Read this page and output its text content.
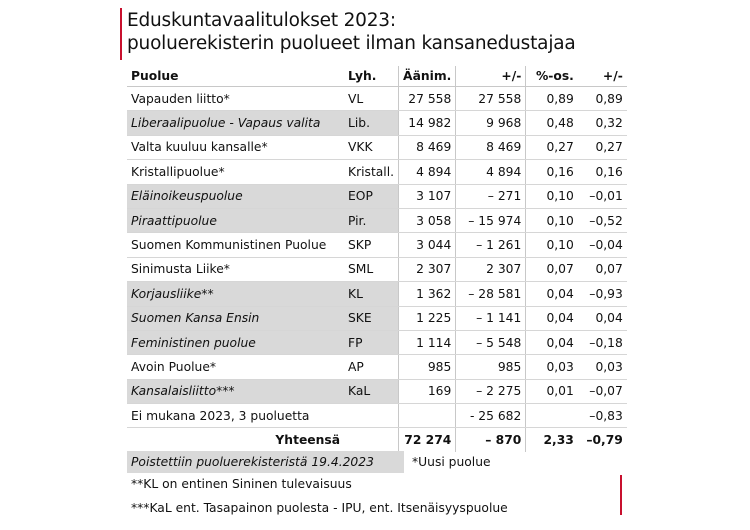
Eduskuntavaalitulokset 2023:
puoluerekisterin puolueet ilman kansanedustajaa
Puolue	Lyh.	Äänim.	+/-	%-os.	+/-
Vapauden liitto*	VL	27 558	27 558	0,89	0,89
Liberaalipuolue - Vapaus valita	Lib.	14 982	9 968	0,48	0,32
Valta kuuluu kansalle*	VKK	8 469	8 469	0,27	0,27
Kristallipuolue*	Kristall.	4 894	4 894	0,16	0,16
Eläinoikeuspuolue	EOP	3 107	– 271	0,10	–0,01
Piraattipuolue	Pir.	3 058	– 15 974	0,10	–0,52
Suomen Kommunistinen Puolue	SKP	3 044	– 1 261	0,10	–0,04
Sinimusta Liike*	SML	2 307	2 307	0,07	0,07
Korjausliike**	KL	1 362	– 28 581	0,04	–0,93
Suomen Kansa Ensin	SKE	1 225	– 1 141	0,04	0,04
Feministinen puolue	FP	1 114	– 5 548	0,04	–0,18
Avoin Puolue*	AP	985	985	0,03	0,03
Kansalaisliitto***	KaL	169	– 2 275	0,01	–0,07
Ei mukana 2023, 3 puoluetta			- 25 682		–0,83
Yhteensä		72 274	– 870	2,33	–0,79
Poistettiin puoluerekisteristä 19.4.2023	*Uusi puolue
**KL on entinen Sininen tulevaisuus
***KaL ent. Tasapainon puolesta - IPU, ent. Itsenäisyyspuolue
